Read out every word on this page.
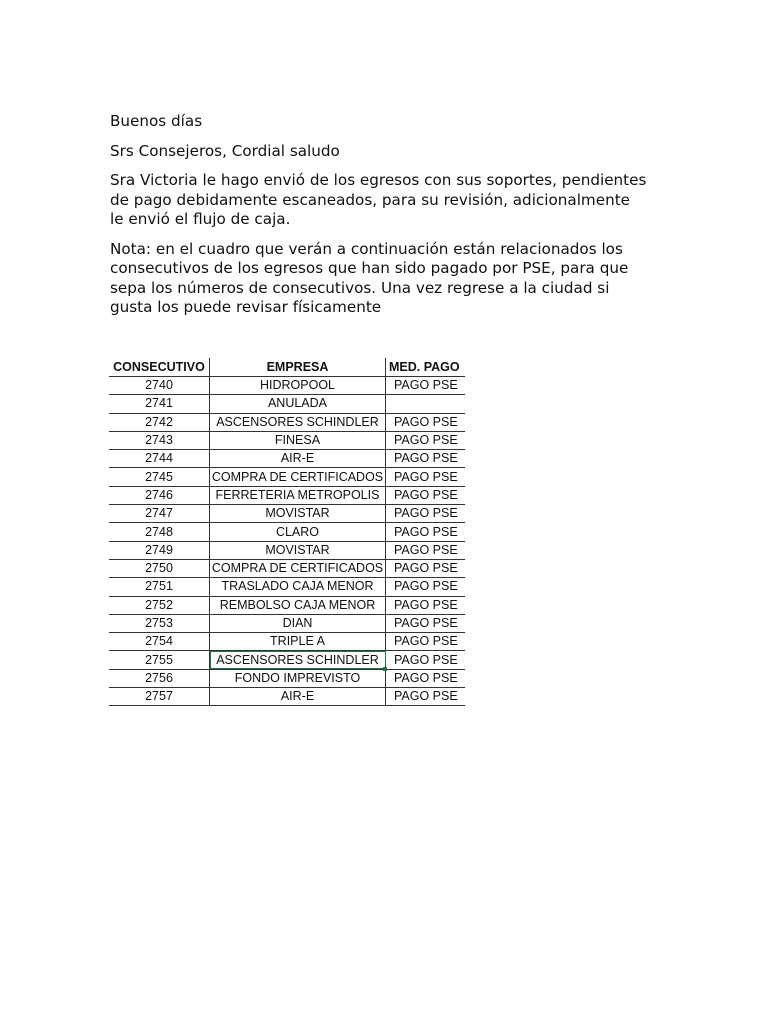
Buenos días

Srs Consejeros, Cordial saludo

Sra Victoria le hago envió de los egresos con sus soportes, pendientes
de pago debidamente escaneados, para su revisión, adicionalmente
le envió el flujo de caja.

Nota: en el cuadro que verán a continuación están relacionados los
consecutivos de los egresos que han sido pagado por PSE, para que
sepa los números de consecutivos. Una vez regrese a la ciudad si
gusta los puede revisar físicamente

CONSECUTIVO	EMPRESA	MED. PAGO
2740	HIDROPOOL	PAGO PSE
2741	ANULADA	
2742	ASCENSORES SCHINDLER	PAGO PSE
2743	FINESA	PAGO PSE
2744	AIR-E	PAGO PSE
2745	COMPRA DE CERTIFICADOS	PAGO PSE
2746	FERRETERIA METROPOLIS	PAGO PSE
2747	MOVISTAR	PAGO PSE
2748	CLARO	PAGO PSE
2749	MOVISTAR	PAGO PSE
2750	COMPRA DE CERTIFICADOS	PAGO PSE
2751	TRASLADO CAJA MENOR	PAGO PSE
2752	REMBOLSO CAJA MENOR	PAGO PSE
2753	DIAN	PAGO PSE
2754	TRIPLE A	PAGO PSE
2755	ASCENSORES SCHINDLER	PAGO PSE
2756	FONDO IMPREVISTO	PAGO PSE
2757	AIR-E	PAGO PSE
